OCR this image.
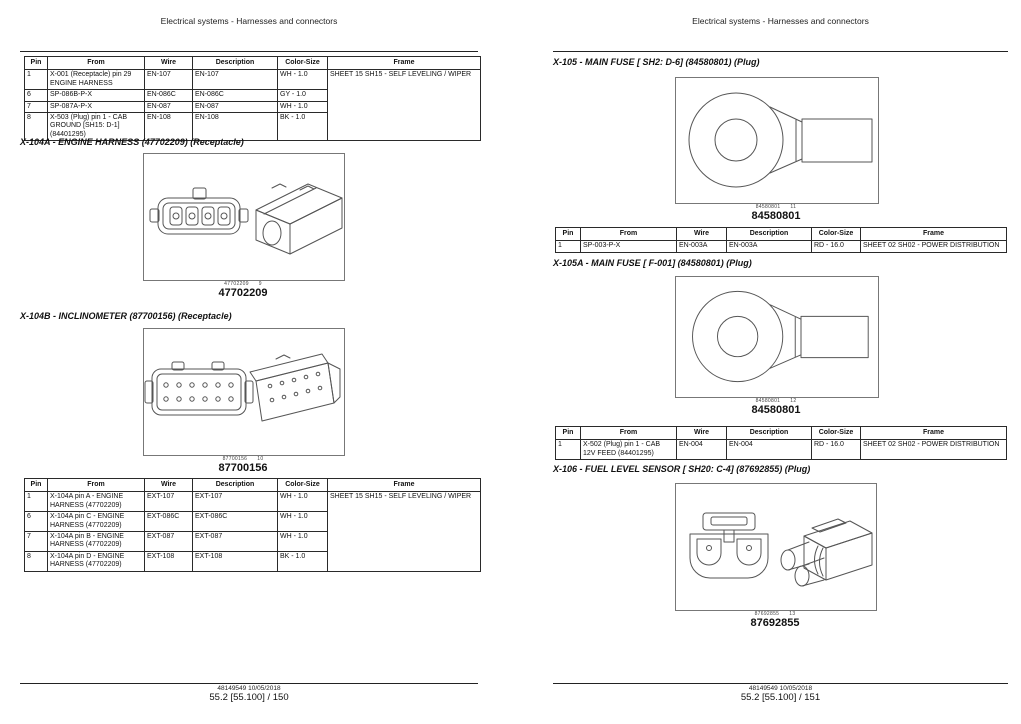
Electrical systems - Harnesses and connectors
Pin	From	Wire	Description	Color-Size	Frame
1	X-001 (Receptacle) pin 29 ENGINE HARNESS	EN-107	EN-107	WH - 1.0	SHEET 15 SH15 - SELF LEVELING / WIPER
6	SP-086B-P-X	EN-086C	EN-086C	GY - 1.0	
7	SP-087A-P-X	EN-087	EN-087	WH - 1.0	
8	X-503 (Plug) pin 1 - CAB GROUND [SH15: D-1] (84401295)	EN-108	EN-108	BK - 1.0	
X-104A - ENGINE HARNESS (47702209) (Receptacle)
47702209 9
47702209
X-104B - INCLINOMETER (87700156) (Receptacle)
87700156 10
87700156
Pin	From	Wire	Description	Color-Size	Frame
1	X-104A pin A - ENGINE HARNESS (47702209)	EXT-107	EXT-107	WH - 1.0	SHEET 15 SH15 - SELF LEVELING / WIPER
6	X-104A pin C - ENGINE HARNESS (47702209)	EXT-086C	EXT-086C	WH - 1.0	
7	X-104A pin B - ENGINE HARNESS (47702209)	EXT-087	EXT-087	WH - 1.0	
8	X-104A pin D - ENGINE HARNESS (47702209)	EXT-108	EXT-108	BK - 1.0	
48149549 10/05/2018
55.2 [55.100] / 150
Electrical systems - Harnesses and connectors
X-105 - MAIN FUSE [ SH2: D-6] (84580801) (Plug)
84580801 11
84580801
Pin	From	Wire	Description	Color-Size	Frame
1	SP-003-P-X	EN-003A	EN-003A	RD - 16.0	SHEET 02 SH02 - POWER DISTRIBUTION
X-105A - MAIN FUSE [ F-001] (84580801) (Plug)
84580801 12
84580801
Pin	From	Wire	Description	Color-Size	Frame
1	X-502 (Plug) pin 1 - CAB 12V FEED (84401295)	EN-004	EN-004	RD - 16.0	SHEET 02 SH02 - POWER DISTRIBUTION
X-106 - FUEL LEVEL SENSOR [ SH20: C-4] (87692855) (Plug)
87692855 13
87692855
48149549 10/05/2018
55.2 [55.100] / 151
